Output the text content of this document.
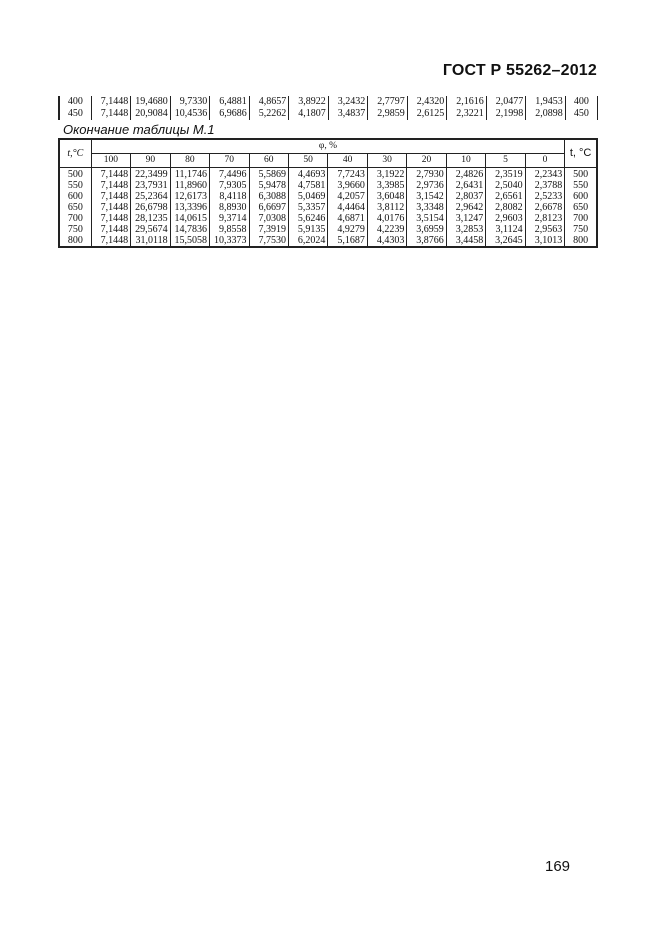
ГОСТ Р 55262–2012
400	7,1448	19,4680	9,7330	6,4881	4,8657	3,8922	3,2432	2,7797	2,4320	2,1616	2,0477	1,9453	400
450	7,1448	20,9084	10,4536	6,9686	5,2262	4,1807	3,4837	2,9859	2,6125	2,3221	2,1998	2,0898	450
Окончание таблицы М.1
t,°C	φ, %												t, °C
	100	90	80	70	60	50	40	30	20	10	5	0	
500	7,1448	22,3499	11,1746	7,4496	5,5869	4,4693	7,7243	3,1922	2,7930	2,4826	2,3519	2,2343	500
550	7,1448	23,7931	11,8960	7,9305	5,9478	4,7581	3,9660	3,3985	2,9736	2,6431	2,5040	2,3788	550
600	7,1448	25,2364	12,6173	8,4118	6,3088	5,0469	4,2057	3,6048	3,1542	2,8037	2,6561	2,5233	600
650	7,1448	26,6798	13,3396	8,8930	6,6697	5,3357	4,4464	3,8112	3,3348	2,9642	2,8082	2,6678	650
700	7,1448	28,1235	14,0615	9,3714	7,0308	5,6246	4,6871	4,0176	3,5154	3,1247	2,9603	2,8123	700
750	7,1448	29,5674	14,7836	9,8558	7,3919	5,9135	4,9279	4,2239	3,6959	3,2853	3,1124	2,9563	750
800	7,1448	31,0118	15,5058	10,3373	7,7530	6,2024	5,1687	4,4303	3,8766	3,4458	3,2645	3,1013	800
169
